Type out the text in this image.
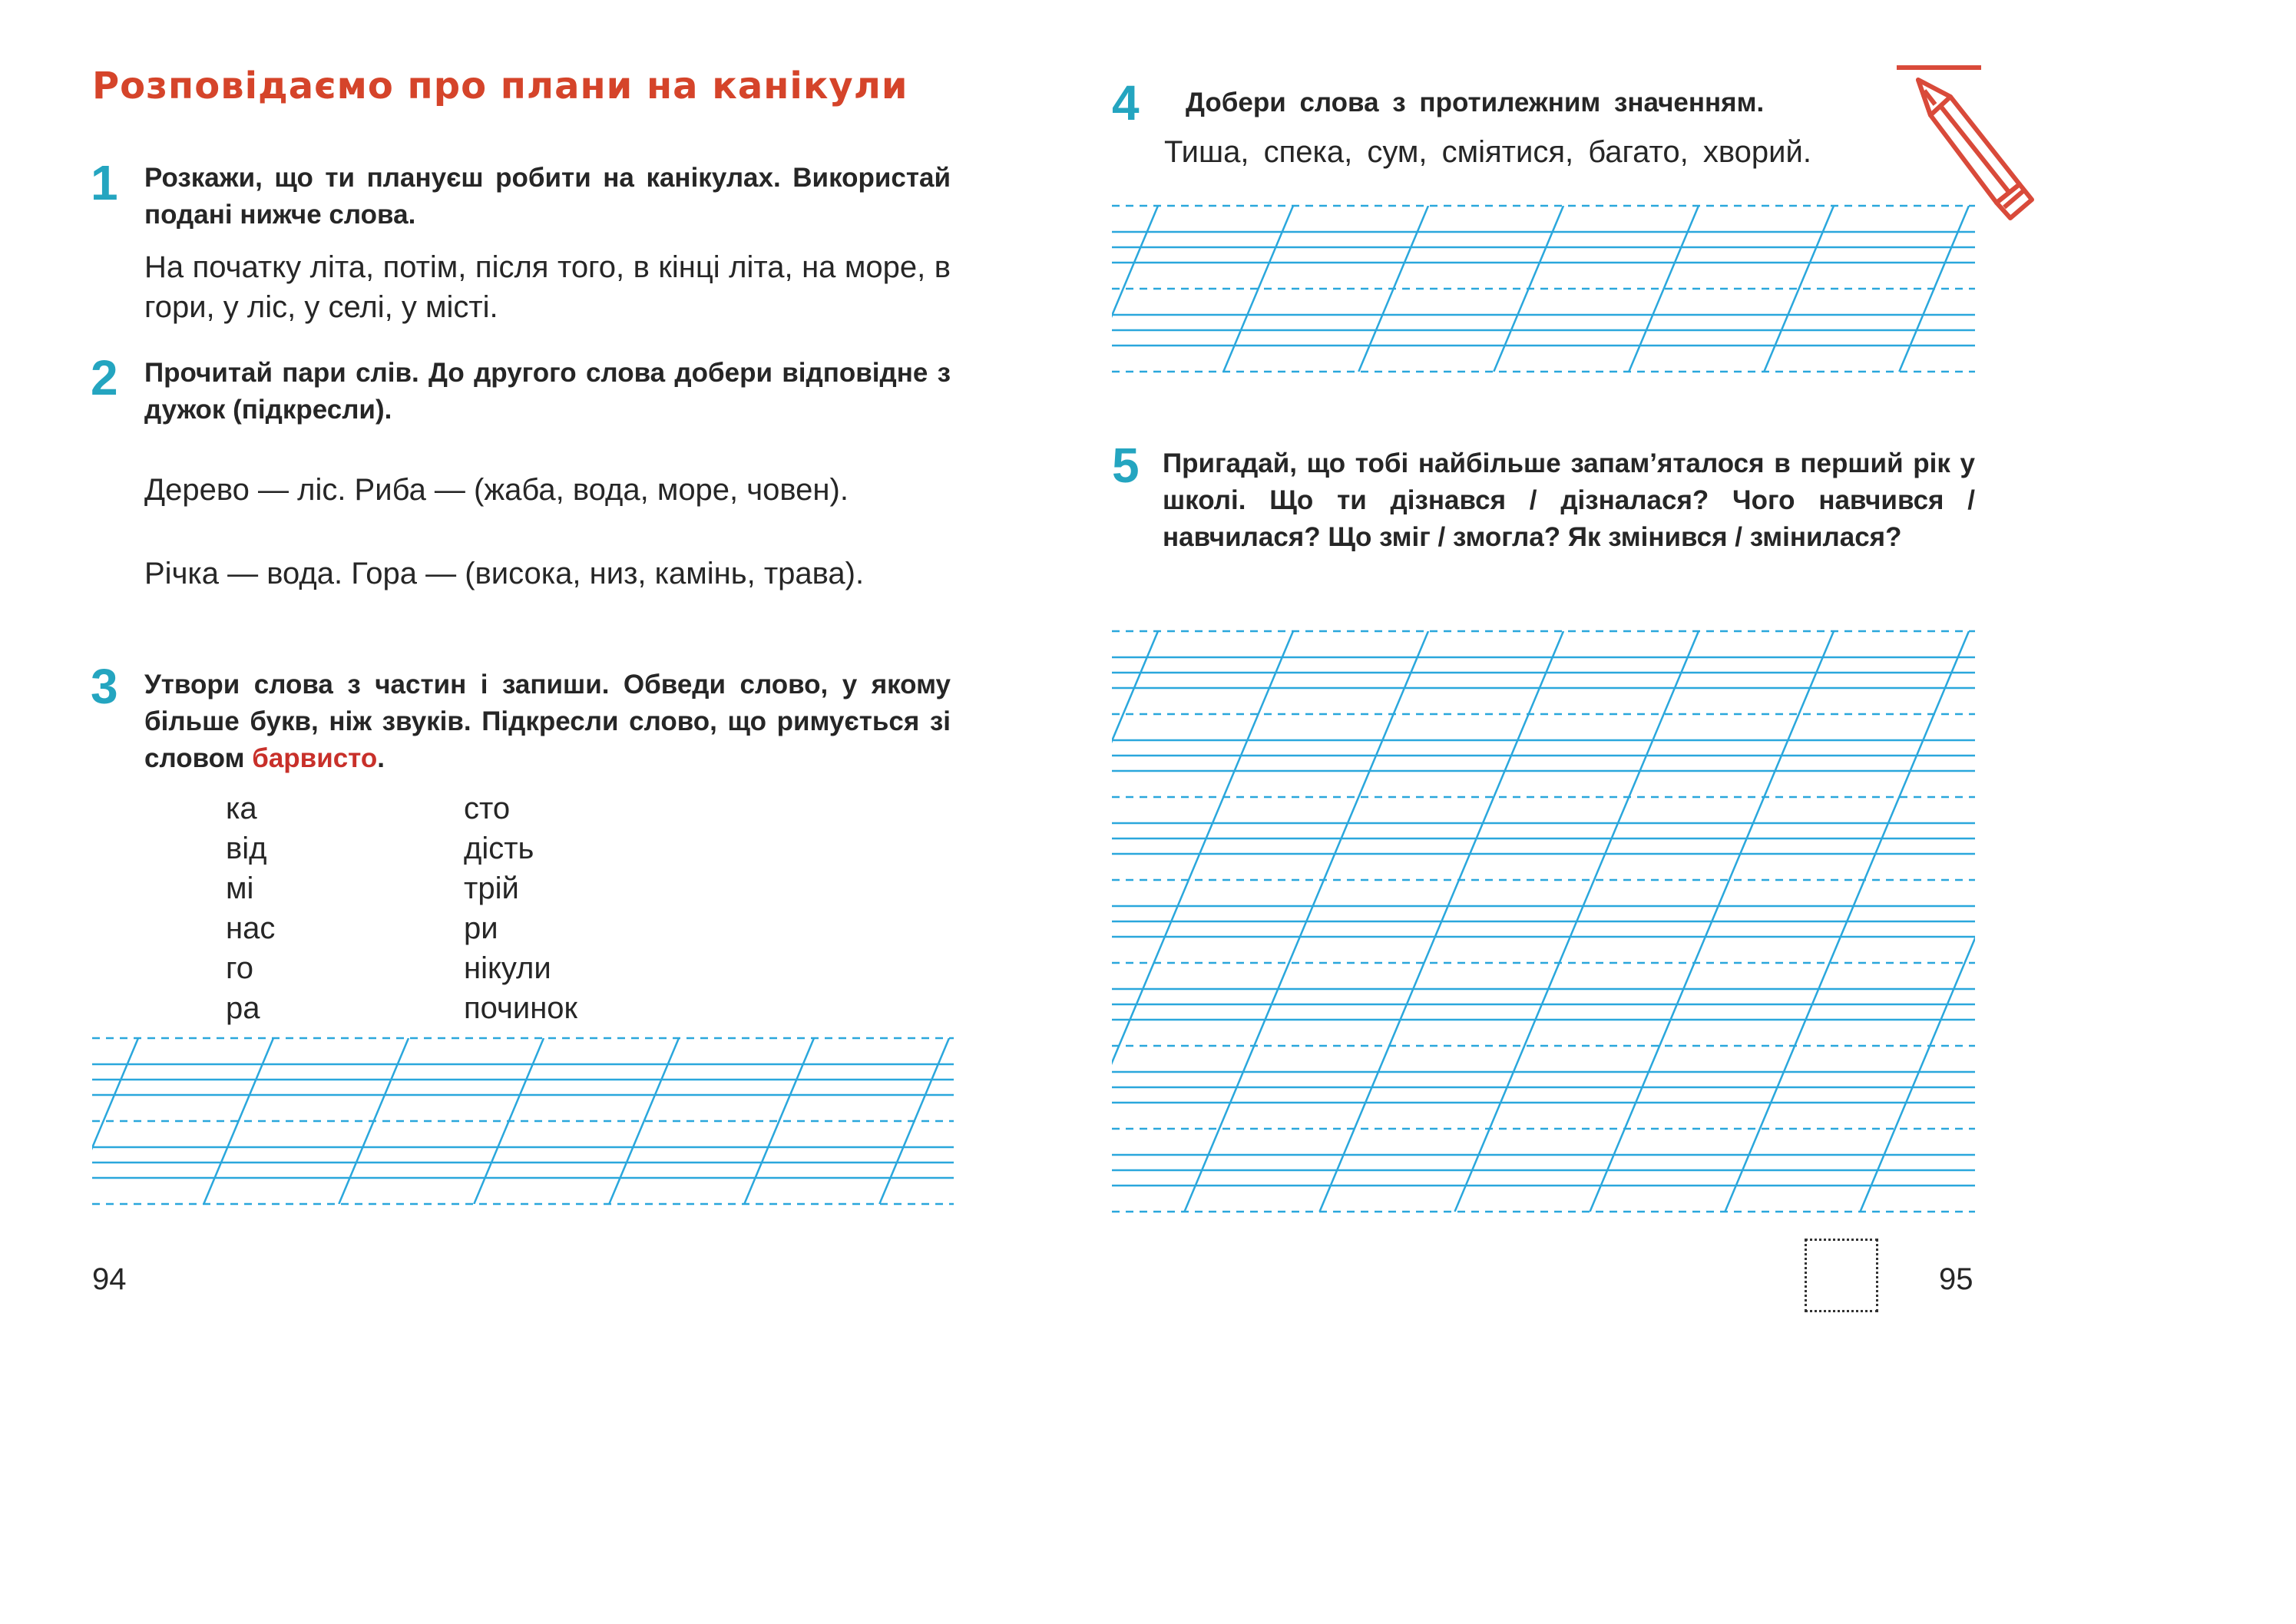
Розповідаємо про плани на канікули
1 Розкажи, що ти плануєш робити на канікулах. Використай подані нижче слова.
На початку літа, потім, після того, в кінці літа, на море, в гори, у ліс, у селі, у місті.
2 Прочитай пари слів. До другого слова добери відповідне з дужок (підкресли).
Дерево — ліс. Риба — (жаба, вода, море, човен).
Річка — вода. Гора — (висока, низ, камінь, трава).
3 Утвори слова з частин і запиши. Обведи слово, у якому більше букв, ніж звуків. Підкресли слово, що римується зі словом барвисто.
ка
від
мі
нас
го
ра
сто
дість
трій
ри
нікули
починок
94
4 Добери слова з протилежним значенням.
Тиша, спека, сум, сміятися, багато, хворий.
5 Пригадай, що тобі найбільше запам’яталося в перший рік у школі. Що ти дізнався / дізналася? Чого навчився / навчилася? Що зміг / змогла? Як змінився / змінилася?
95
